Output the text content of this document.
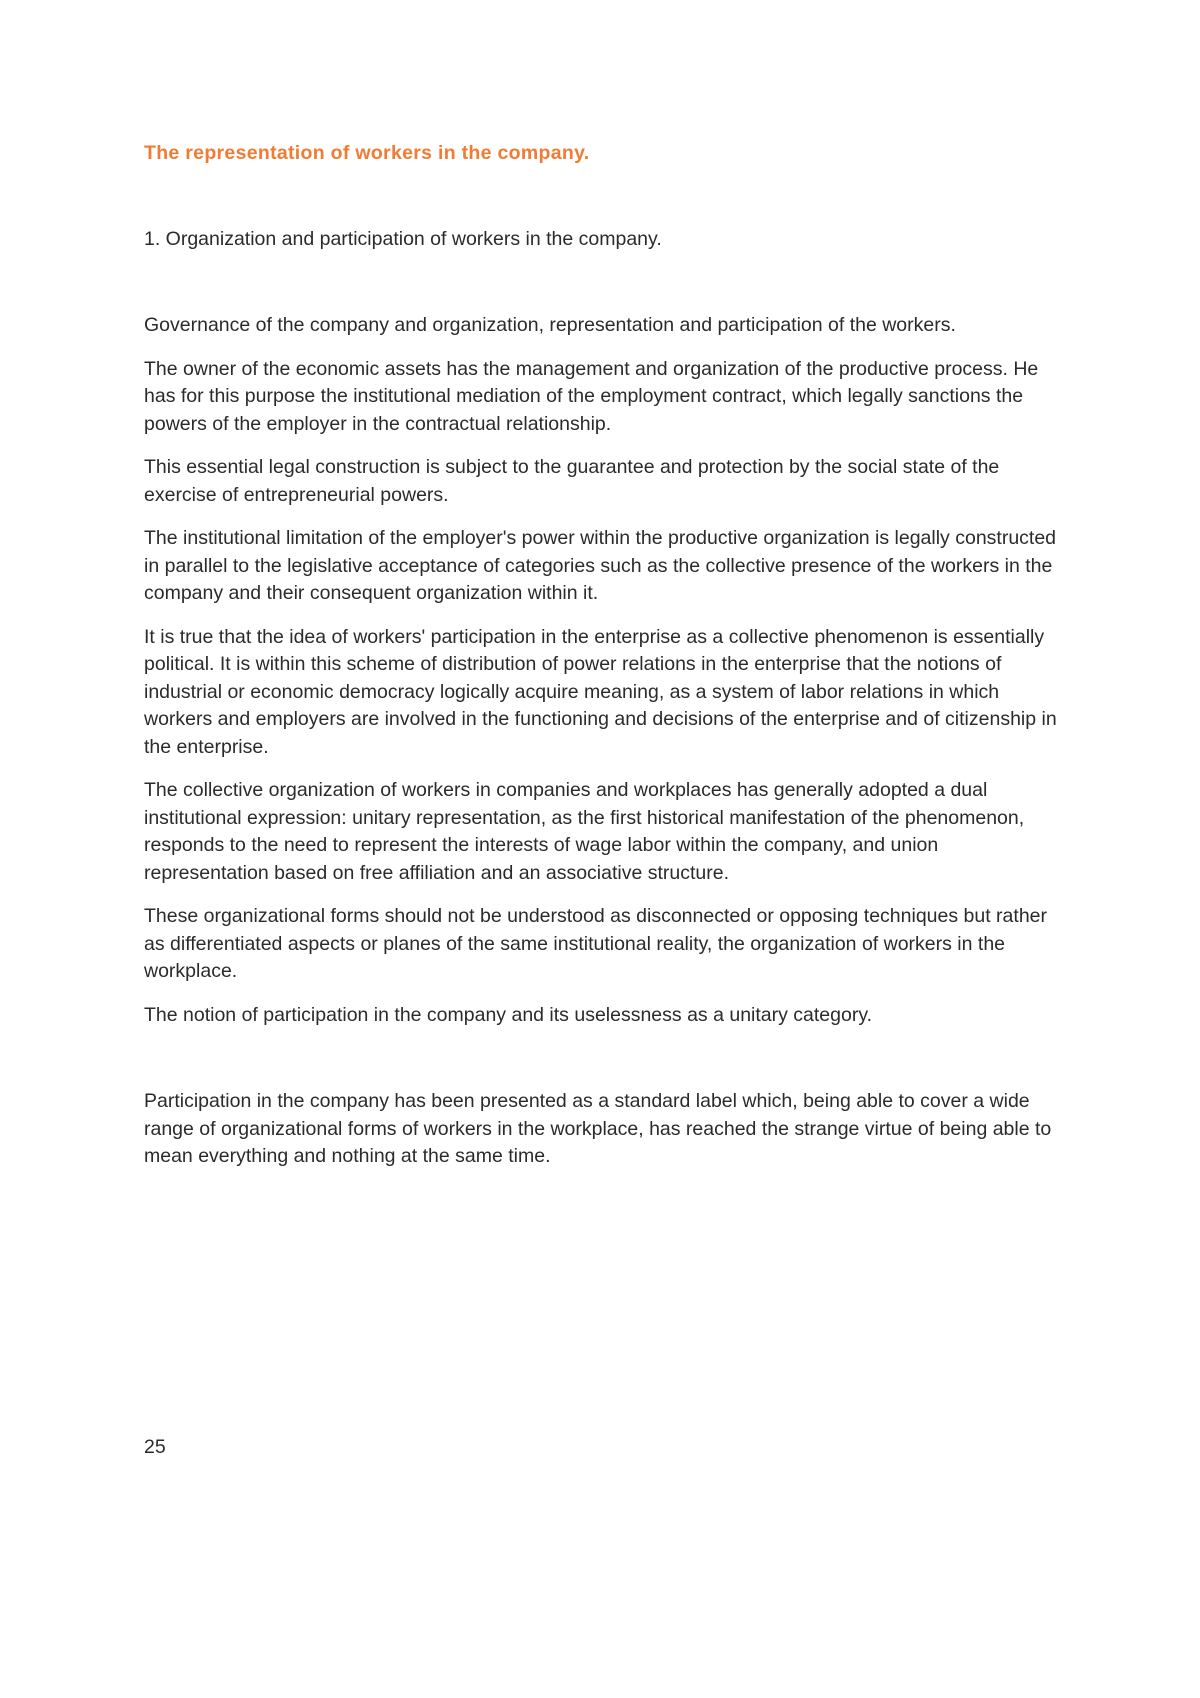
The representation of workers in the company.

1. Organization and participation of workers in the company.

Governance of the company and organization, representation and participation of the workers.

The owner of the economic assets has the management and organization of the productive process. He has for this purpose the institutional mediation of the employment contract, which legally sanctions the powers of the employer in the contractual relationship.

This essential legal construction is subject to the guarantee and protection by the social state of the exercise of entrepreneurial powers.

The institutional limitation of the employer's power within the productive organization is legally constructed in parallel to the legislative acceptance of categories such as the collective presence of the workers in the company and their consequent organization within it.

It is true that the idea of workers' participation in the enterprise as a collective phenomenon is essentially political. It is within this scheme of distribution of power relations in the enterprise that the notions of industrial or economic democracy logically acquire meaning, as a system of labor relations in which workers and employers are involved in the functioning and decisions of the enterprise and of citizenship in the enterprise.

The collective organization of workers in companies and workplaces has generally adopted a dual institutional expression: unitary representation, as the first historical manifestation of the phenomenon, responds to the need to represent the interests of wage labor within the company, and union representation based on free affiliation and an associative structure.

These organizational forms should not be understood as disconnected or opposing techniques but rather as differentiated aspects or planes of the same institutional reality, the organization of workers in the workplace.

The notion of participation in the company and its uselessness as a unitary category.

Participation in the company has been presented as a standard label which, being able to cover a wide range of organizational forms of workers in the workplace, has reached the strange virtue of being able to mean everything and nothing at the same time.

25
